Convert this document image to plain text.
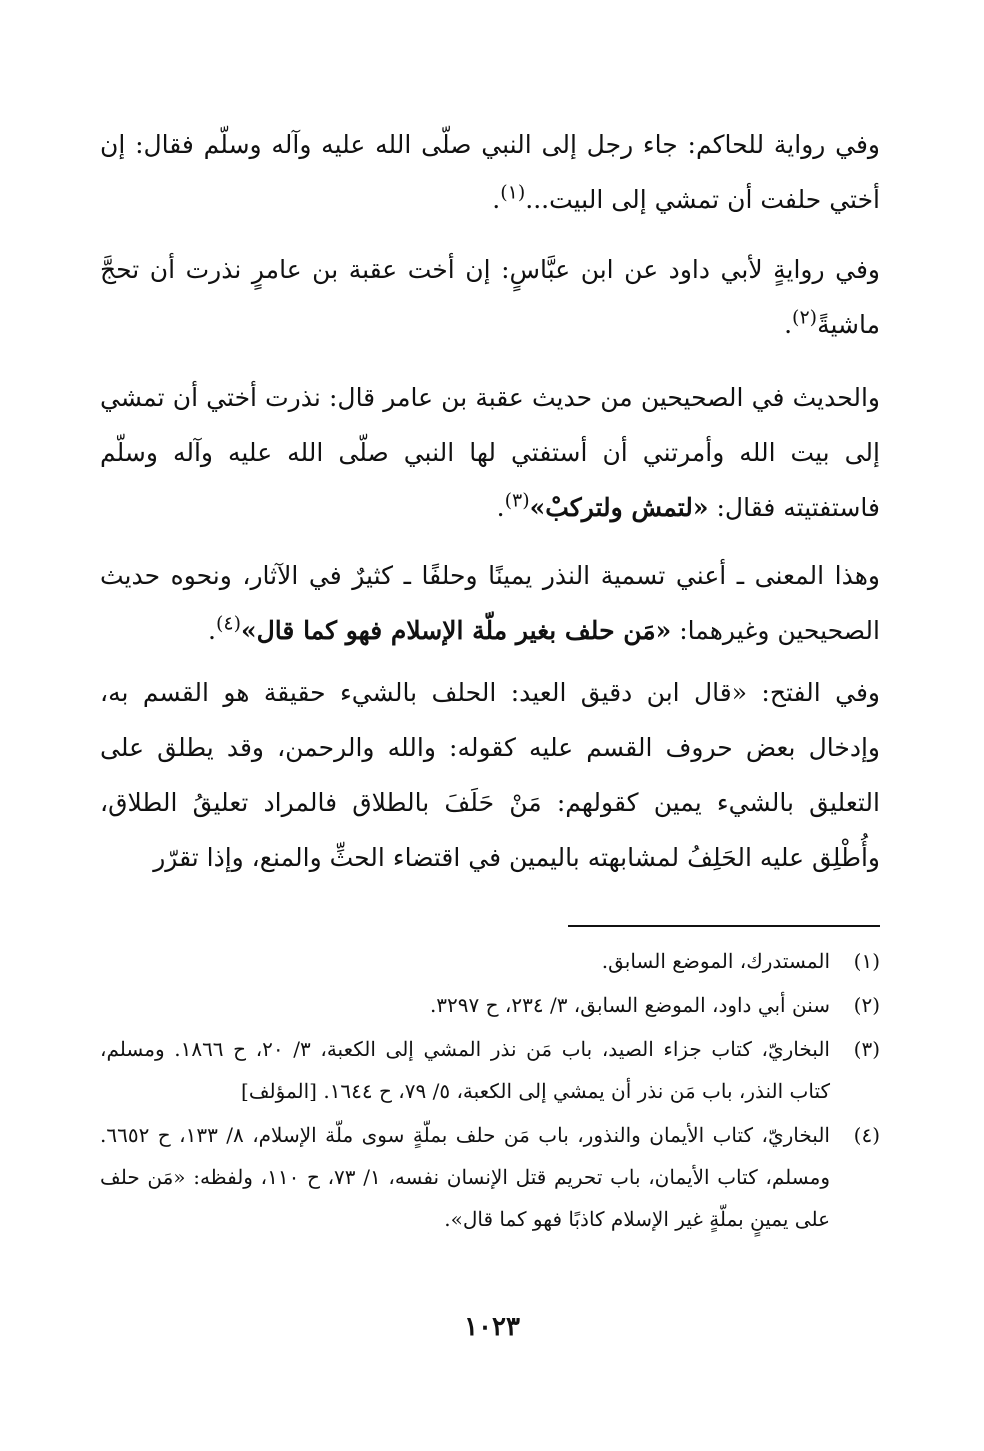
وفي رواية للحاكم: جاء رجل إلى النبي صلّى الله عليه وآله وسلّم فقال: إن أختي حلفت أن تمشي إلى البيت...$^{(١)}$.

وفي روايةٍ لأبي داود عن ابن عبَّاسٍ: إن أخت عقبة بن عامرٍ نذرت أن تحجَّ ماشيةً$^{(٢)}$.

والحديث في الصحيحين من حديث عقبة بن عامر قال: نذرت أختي أن تمشي إلى بيت الله وأمرتني أن أستفتي لها النبي صلّى الله عليه وآله وسلّم فاستفتيته فقال: «لتمش ولتركبْ»$^{(٣)}$.

وهذا المعنى ـ أعني تسمية النذر يمينًا وحلفًا ـ كثيرٌ في الآثار، ونحوه حديث الصحيحين وغيرهما: «مَن حلف بغير ملّة الإسلام فهو كما قال»$^{(٤)}$.

وفي الفتح: «قال ابن دقيق العيد: الحلف بالشيء حقيقة هو القسم به، وإدخال بعض حروف القسم عليه كقوله: والله والرحمن، وقد يطلق على التعليق بالشيء يمين كقولهم: مَنْ حَلَفَ بالطلاق فالمراد تعليقُ الطلاق، وأُطْلِق عليه الحَلِفُ لمشابهته باليمين في اقتضاء الحثِّ والمنع، وإذا تقرّر

(١)
المستدرك، الموضع السابق.
(٢)
سنن أبي داود، الموضع السابق، ٣/ ٢٣٤، ح ٣٢٩٧.
(٣)
البخاريّ، كتاب جزاء الصيد، باب مَن نذر المشي إلى الكعبة، ٣/ ٢٠، ح ١٨٦٦. ومسلم، كتاب النذر، باب مَن نذر أن يمشي إلى الكعبة، ٥/ ٧٩، ح ١٦٤٤. [المؤلف]
(٤)
البخاريّ، كتاب الأيمان والنذور، باب مَن حلف بملّةٍ سوى ملّة الإسلام، ٨/ ١٣٣، ح ٦٦٥٢. ومسلم، كتاب الأيمان، باب تحريم قتل الإنسان نفسه، ١/ ٧٣، ح ١١٠، ولفظه: «مَن حلف على يمينٍ بملّةٍ غير الإسلام كاذبًا فهو كما قال».
١٠٢٣
